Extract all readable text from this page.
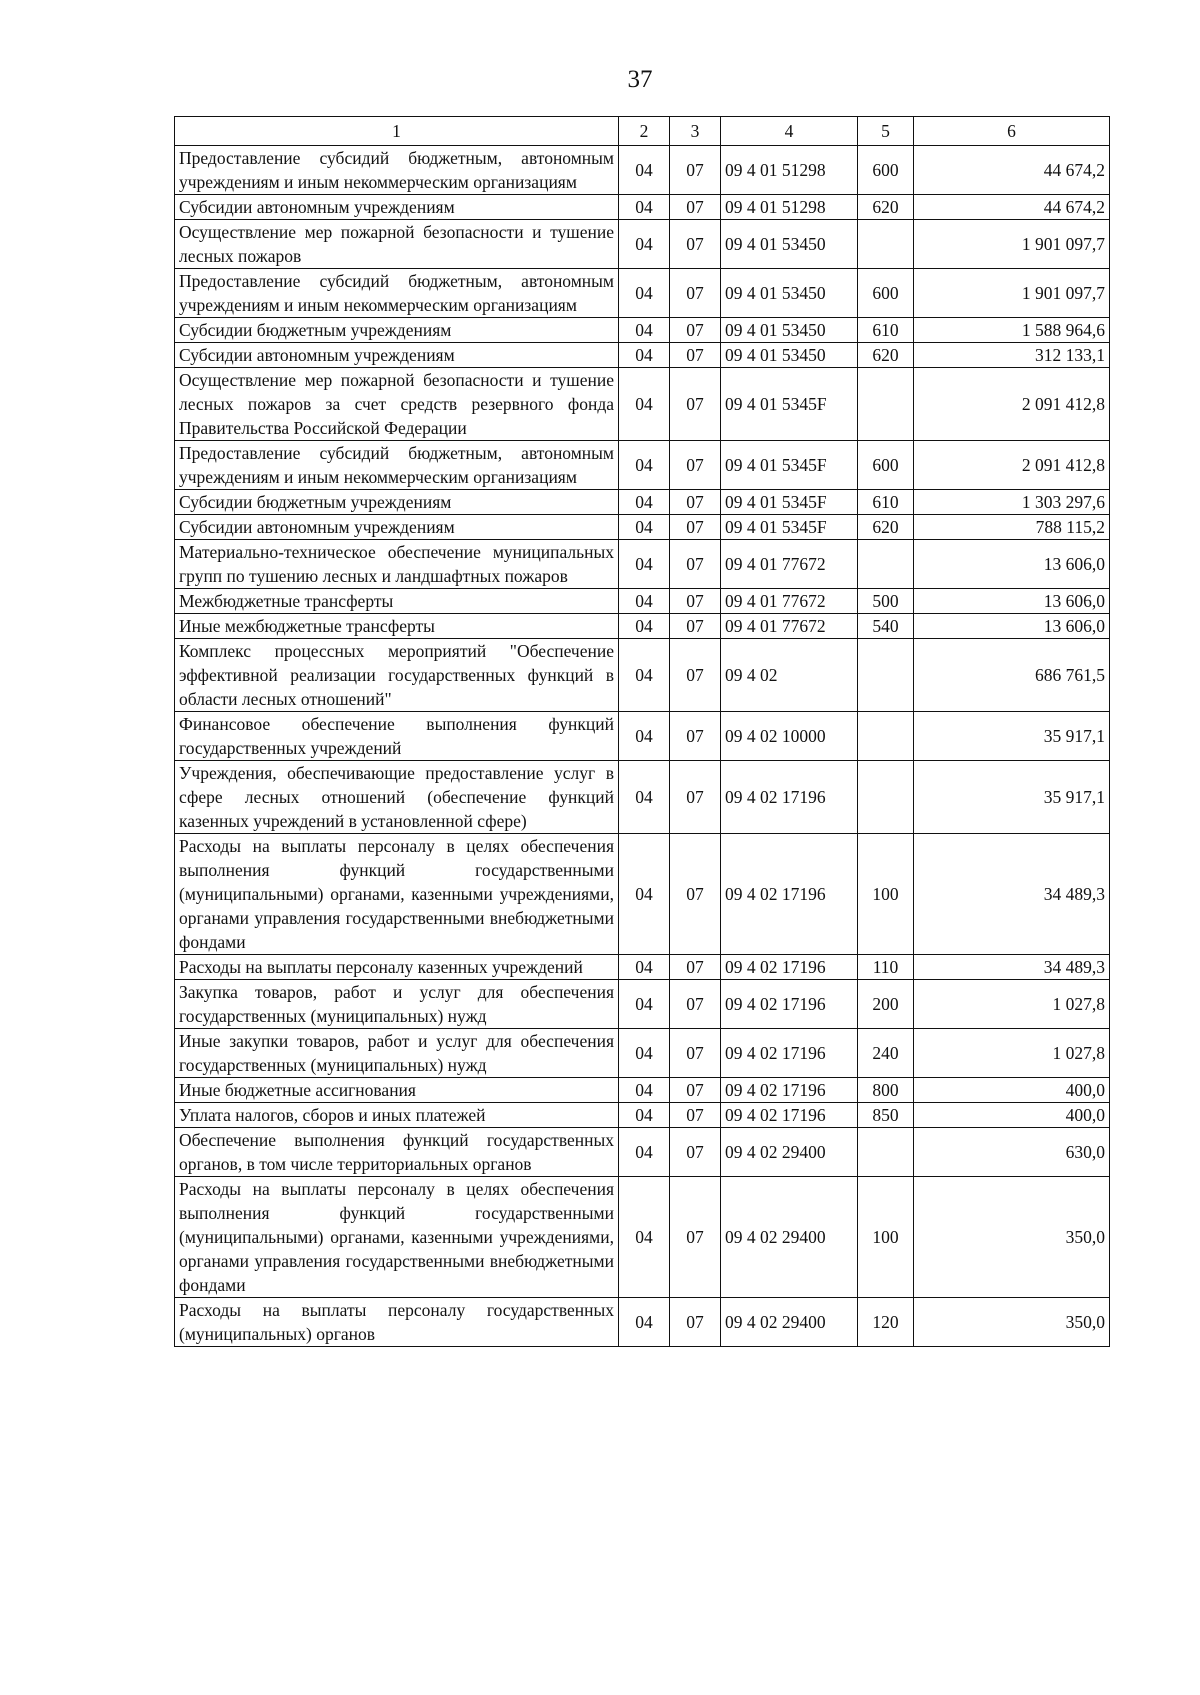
37
1	2	3	4	5	6
Предоставление субсидий бюджетным, автономным учреждениям и иным некоммерческим организациям	04	07	09 4 01 51298	600	44 674,2
Субсидии автономным учреждениям	04	07	09 4 01 51298	620	44 674,2
Осуществление мер пожарной безопасности и тушение лесных пожаров	04	07	09 4 01 53450		1 901 097,7
Предоставление субсидий бюджетным, автономным учреждениям и иным некоммерческим организациям	04	07	09 4 01 53450	600	1 901 097,7
Субсидии бюджетным учреждениям	04	07	09 4 01 53450	610	1 588 964,6
Субсидии автономным учреждениям	04	07	09 4 01 53450	620	312 133,1
Осуществление мер пожарной безопасности и тушение лесных пожаров за счет средств резервного фонда Правительства Российской Федерации	04	07	09 4 01 5345F		2 091 412,8
Предоставление субсидий бюджетным, автономным учреждениям и иным некоммерческим организациям	04	07	09 4 01 5345F	600	2 091 412,8
Субсидии бюджетным учреждениям	04	07	09 4 01 5345F	610	1 303 297,6
Субсидии автономным учреждениям	04	07	09 4 01 5345F	620	788 115,2
Материально-техническое обеспечение муниципальных групп по тушению лесных и ландшафтных пожаров	04	07	09 4 01 77672		13 606,0
Межбюджетные трансферты	04	07	09 4 01 77672	500	13 606,0
Иные межбюджетные трансферты	04	07	09 4 01 77672	540	13 606,0
Комплекс процессных мероприятий "Обеспечение эффективной реализации государственных функций в области лесных отношений"	04	07	09 4 02		686 761,5
Финансовое обеспечение выполнения функций государственных учреждений	04	07	09 4 02 10000		35 917,1
Учреждения, обеспечивающие предоставление услуг в сфере лесных отношений (обеспечение функций казенных учреждений в установленной сфере)	04	07	09 4 02 17196		35 917,1
Расходы на выплаты персоналу в целях обеспечения выполнения функций государственными (муниципальными) органами, казенными учреждениями, органами управления государственными внебюджетными фондами	04	07	09 4 02 17196	100	34 489,3
Расходы на выплаты персоналу казенных учреждений	04	07	09 4 02 17196	110	34 489,3
Закупка товаров, работ и услуг для обеспечения государственных (муниципальных) нужд	04	07	09 4 02 17196	200	1 027,8
Иные закупки товаров, работ и услуг для обеспечения государственных (муниципальных) нужд	04	07	09 4 02 17196	240	1 027,8
Иные бюджетные ассигнования	04	07	09 4 02 17196	800	400,0
Уплата налогов, сборов и иных платежей	04	07	09 4 02 17196	850	400,0
Обеспечение выполнения функций государственных органов, в том числе территориальных органов	04	07	09 4 02 29400		630,0
Расходы на выплаты персоналу в целях обеспечения выполнения функций государственными (муниципальными) органами, казенными учреждениями, органами управления государственными внебюджетными фондами	04	07	09 4 02 29400	100	350,0
Расходы на выплаты персоналу государственных (муниципальных) органов	04	07	09 4 02 29400	120	350,0
